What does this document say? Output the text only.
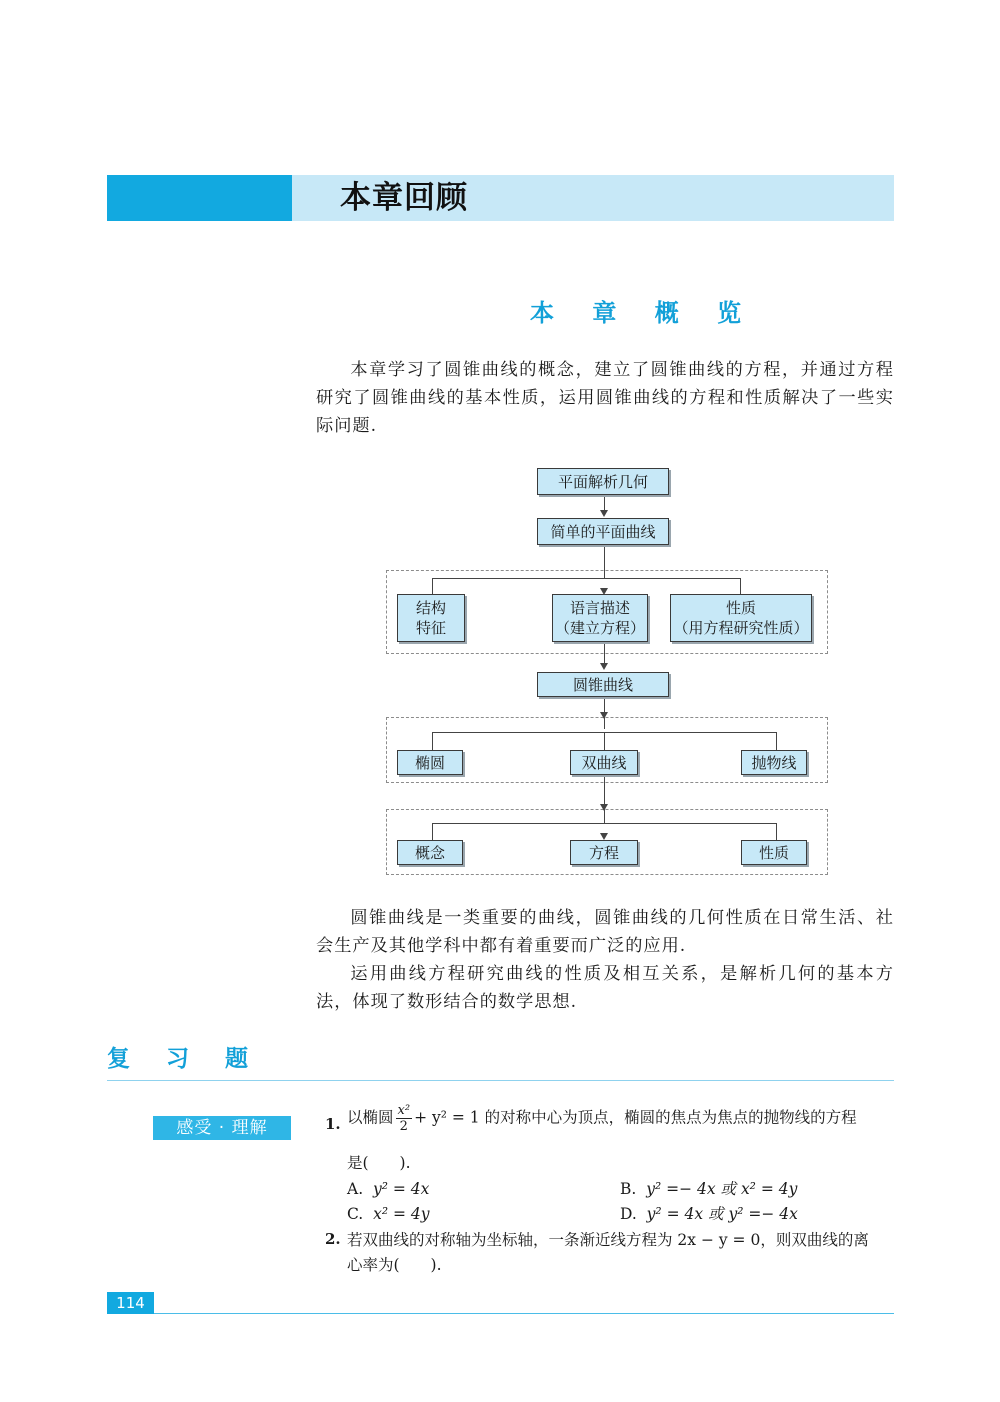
本章回顾
本 章 概 览
本章学习了圆锥曲线的概念，建立了圆锥曲线的方程，并通过方程研究了圆锥曲线的基本性质，运用圆锥曲线的方程和性质解决了一些实际问题.
平面解析几何
简单的平面曲线
结构
特征
语言描述
（建立方程）
性质
（用方程研究性质）
圆锥曲线
椭圆	双曲线	抛物线
概念	方程	性质
圆锥曲线是一类重要的曲线，圆锥曲线的几何性质在日常生活、社会生产及其他学科中都有着重要而广泛的应用.
运用曲线方程研究曲线的性质及相互关系，是解析几何的基本方法，体现了数形结合的数学思想.
复 习 题
感受 · 理解	1. 以椭圆 $\frac{\text{x²}}{2} + y^2 = 1$ 的对称中心为顶点，椭圆的焦点为焦点的抛物线的方程
是(　　).
A. y² = 4x	B. y² =− 4x 或 x² = 4y
C. x² = 4y	D. y² = 4x 或 y² =− 4x
2. 若双曲线的对称轴为坐标轴，一条渐近线方程为 2x − y = 0，则双曲线的离
心率为(　　).
114
